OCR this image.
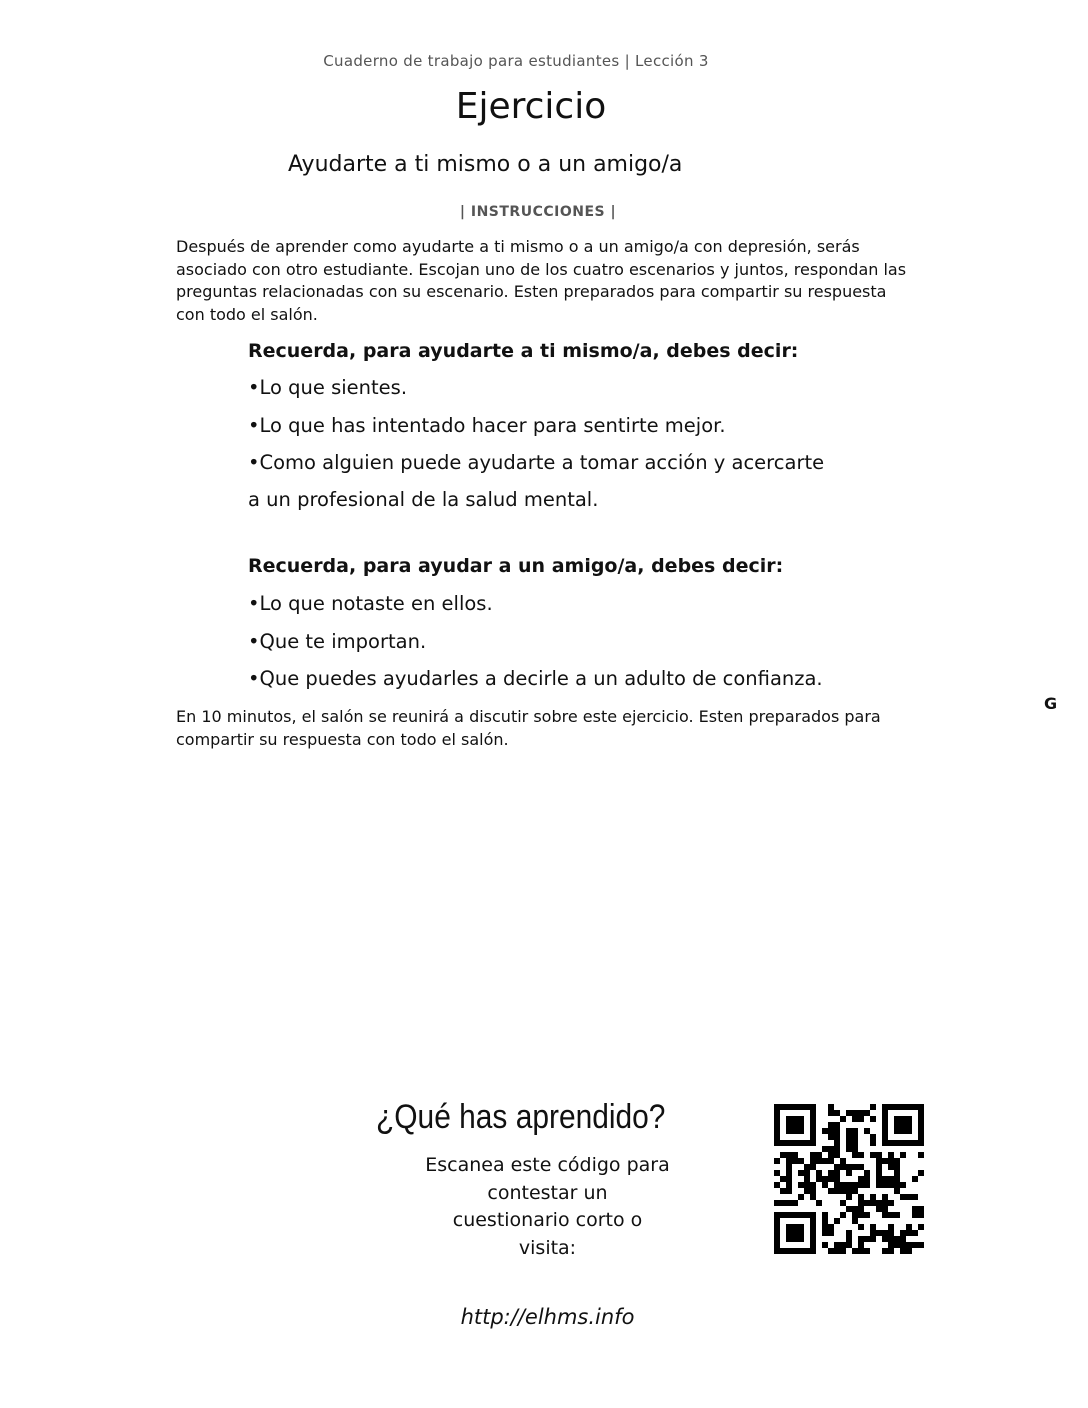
Cuaderno de trabajo para estudiantes | Lección 3
Ejercicio
Ayudarte a ti mismo o a un amigo/a
| INSTRUCCIONES |
Después de aprender como ayudarte a ti mismo o a un amigo/a con depresión, serás asociado con otro estudiante. Escojan uno de los cuatro escenarios y juntos, respondan las preguntas relacionadas con su escenario. Esten preparados para compartir su respuesta con todo el salón.
Recuerda, para ayudarte a ti mismo/a, debes decir:
•Lo que sientes.
•Lo que has intentado hacer para sentirte mejor.
•Como alguien puede ayudarte a tomar acción y acercarte
a un profesional de la salud mental.
Recuerda, para ayudar a un amigo/a, debes decir:
•Lo que notaste en ellos.
•Que te importan.
•Que puedes ayudarles a decirle a un adulto de confianza.
En 10 minutos, el salón se reunirá a discutir sobre este ejercicio. Esten preparados para compartir su respuesta con todo el salón.
G
¿Qué has aprendido?
Escanea este código para
contestar un
cuestionario corto o
visita:
http://elhms.info
